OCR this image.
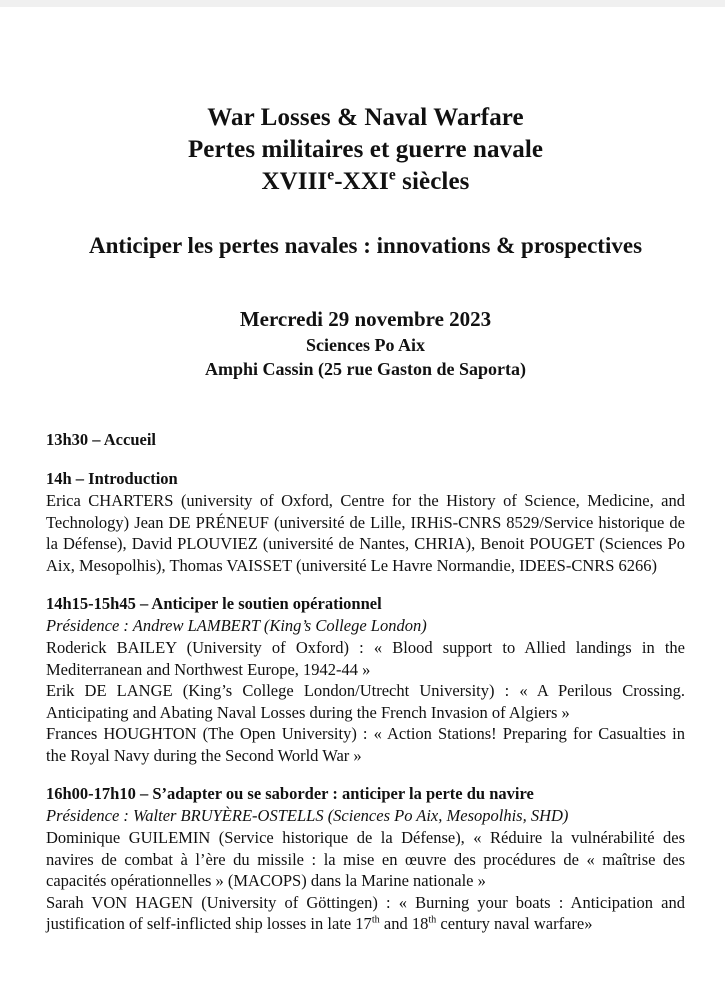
War Losses & Naval Warfare
Pertes militaires et guerre navale
XVIIIe-XXIe siècles
Anticiper les pertes navales : innovations & prospectives
Mercredi 29 novembre 2023
Sciences Po Aix
Amphi Cassin (25 rue Gaston de Saporta)
13h30 – Accueil
14h – Introduction
Erica CHARTERS (university of Oxford, Centre for the History of Science, Medicine, and Technology) Jean DE PRÉNEUF (université de Lille, IRHiS-CNRS 8529/Service historique de la Défense), David PLOUVIEZ (université de Nantes, CHRIA), Benoit POUGET (Sciences Po Aix, Mesopolhis), Thomas VAISSET (université Le Havre Normandie, IDEES-CNRS 6266)
14h15-15h45 – Anticiper le soutien opérationnel
Présidence : Andrew LAMBERT (King’s College London)
Roderick BAILEY (University of Oxford) : « Blood support to Allied landings in the Mediterranean and Northwest Europe, 1942-44 »
Erik DE LANGE (King’s College London/Utrecht University) : « A Perilous Crossing. Anticipating and Abating Naval Losses during the French Invasion of Algiers »
Frances HOUGHTON (The Open University) : « Action Stations! Preparing for Casualties in the Royal Navy during the Second World War »
16h00-17h10 – S’adapter ou se saborder : anticiper la perte du navire
Présidence : Walter BRUYÈRE-OSTELLS (Sciences Po Aix, Mesopolhis, SHD)
Dominique GUILEMIN (Service historique de la Défense), « Réduire la vulnérabilité des navires de combat à l’ère du missile : la mise en œuvre des procédures de « maîtrise des capacités opérationnelles » (MACOPS) dans la Marine nationale »
Sarah VON HAGEN (University of Göttingen) : « Burning your boats : Anticipation and justification of self-inflicted ship losses in late 17th and 18th century naval warfare»
